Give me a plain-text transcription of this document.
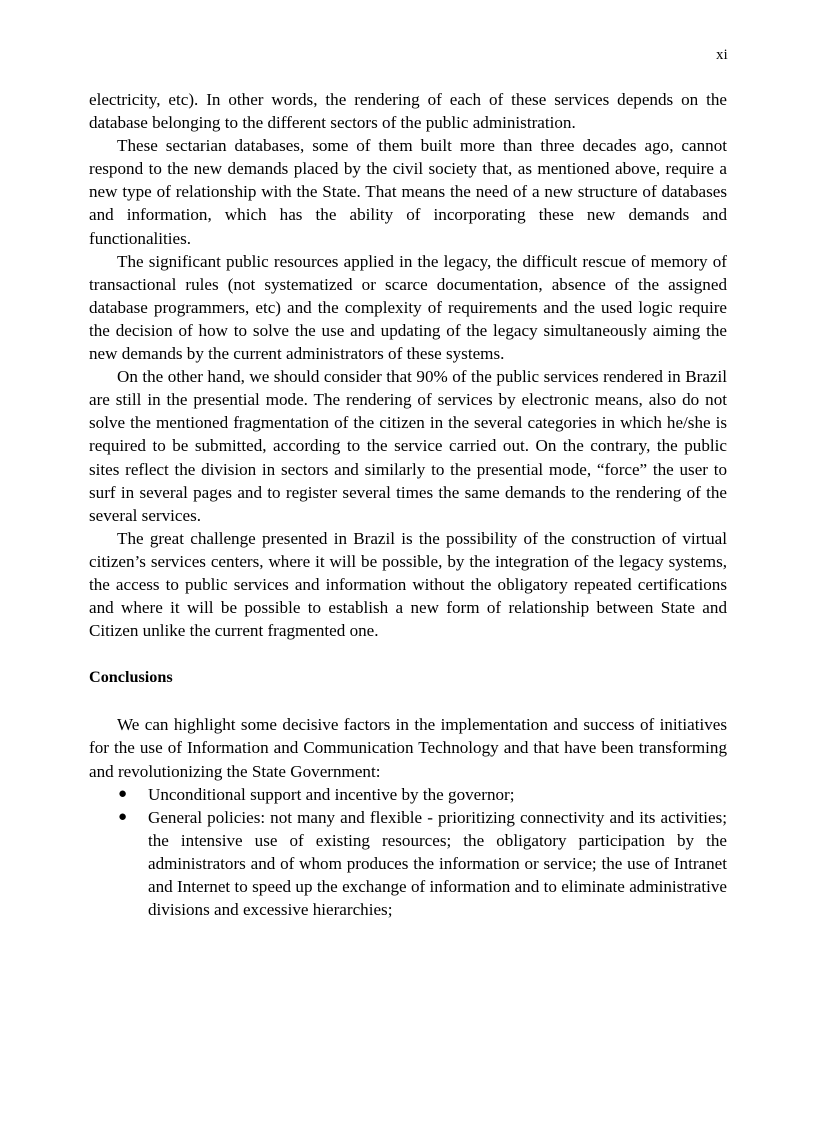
xi

electricity, etc). In other words, the rendering of each of these services depends on the database belonging to the different sectors of the public administration.

These sectarian databases, some of them built more than three decades ago, cannot respond to the new demands placed by the civil society that, as mentioned above, require a new type of relationship with the State. That means the need of a new structure of databases and information, which has the ability of incorporating these new demands and functionalities.

The significant public resources applied in the legacy, the difficult rescue of memory of transactional rules (not systematized or scarce documentation, absence of the assigned database programmers, etc) and the complexity of requirements and the used logic require the decision of how to solve the use and updating of the legacy simultaneously aiming the new demands by the current administrators of these systems.

On the other hand, we should consider that 90% of the public services rendered in Brazil are still in the presential mode. The rendering of services by electronic means, also do not solve the mentioned fragmentation of the citizen in the several categories in which he/she is required to be submitted, according to the service carried out. On the contrary, the public sites reflect the division in sectors and similarly to the presential mode, “force” the user to surf in several pages and to register several times the same demands to the rendering of the several services.

The great challenge presented in Brazil is the possibility of the construction of virtual citizen’s services centers, where it will be possible, by the integration of the legacy systems, the access to public services and information without the obligatory repeated certifications and where it will be possible to establish a new form of relationship between State and Citizen unlike the current fragmented one.

Conclusions

We can highlight some decisive factors in the implementation and success of initiatives for the use of Information and Communication Technology and that have been transforming and revolutionizing the State Government:

● Unconditional support and incentive by the governor;
● General policies: not many and flexible - prioritizing connectivity and its activities; the intensive use of existing resources; the obligatory participation by the administrators and of whom produces the information or service; the use of Intranet and Internet to speed up the exchange of information and to eliminate administrative divisions and excessive hierarchies;
